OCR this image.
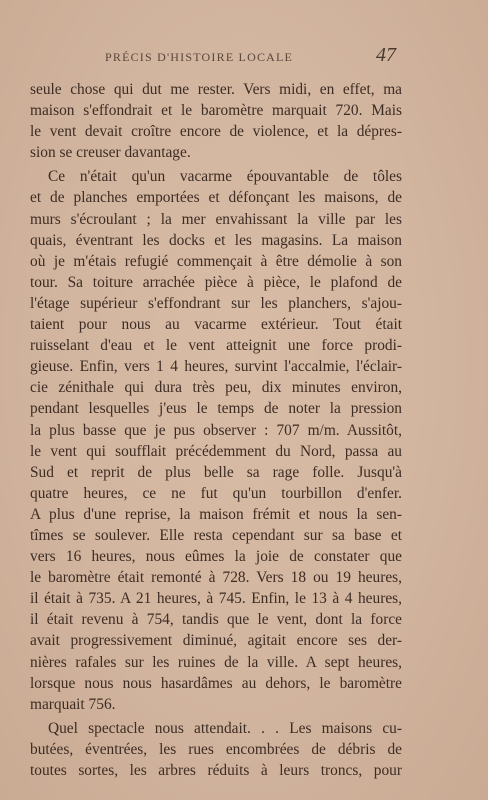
PRÉCIS D'HISTOIRE LOCALE	47
seule chose qui dut me rester. Vers midi, en effet, ma
maison s'effondrait et le baromètre marquait 720. Mais
le vent devait croître encore de violence, et la dépres-
sion se creuser davantage.
Ce n'était qu'un vacarme épouvantable de tôles
et de planches emportées et défonçant les maisons, de
murs s'écroulant ; la mer envahissant la ville par les
quais, éventrant les docks et les magasins. La maison
où je m'étais refugié commençait à être démolie à son
tour. Sa toiture arrachée pièce à pièce, le plafond de
l'étage supérieur s'effondrant sur les planchers, s'ajou-
taient pour nous au vacarme extérieur. Tout était
ruisselant d'eau et le vent atteignit une force prodi-
gieuse. Enfin, vers 1 4 heures, survint l'accalmie, l'éclair-
cie zénithale qui dura très peu, dix minutes environ,
pendant lesquelles j'eus le temps de noter la pression
la plus basse que je pus observer : 707 m/m. Aussitôt,
le vent qui soufflait précédemment du Nord, passa au
Sud et reprit de plus belle sa rage folle. Jusqu'à
quatre heures, ce ne fut qu'un tourbillon d'enfer.
A plus d'une reprise, la maison frémit et nous la sen-
tîmes se soulever. Elle resta cependant sur sa base et
vers 16 heures, nous eûmes la joie de constater que
le baromètre était remonté à 728. Vers 18 ou 19 heures,
il était à 735. A 21 heures, à 745. Enfin, le 13 à 4 heures,
il était revenu à 754, tandis que le vent, dont la force
avait progressivement diminué, agitait encore ses der-
nières rafales sur les ruines de la ville. A sept heures,
lorsque nous nous hasardâmes au dehors, le baromètre
marquait 756.
Quel spectacle nous attendait. . . Les maisons cu-
butées, éventrées, les rues encombrées de débris de
toutes sortes, les arbres réduits à leurs troncs, pour
